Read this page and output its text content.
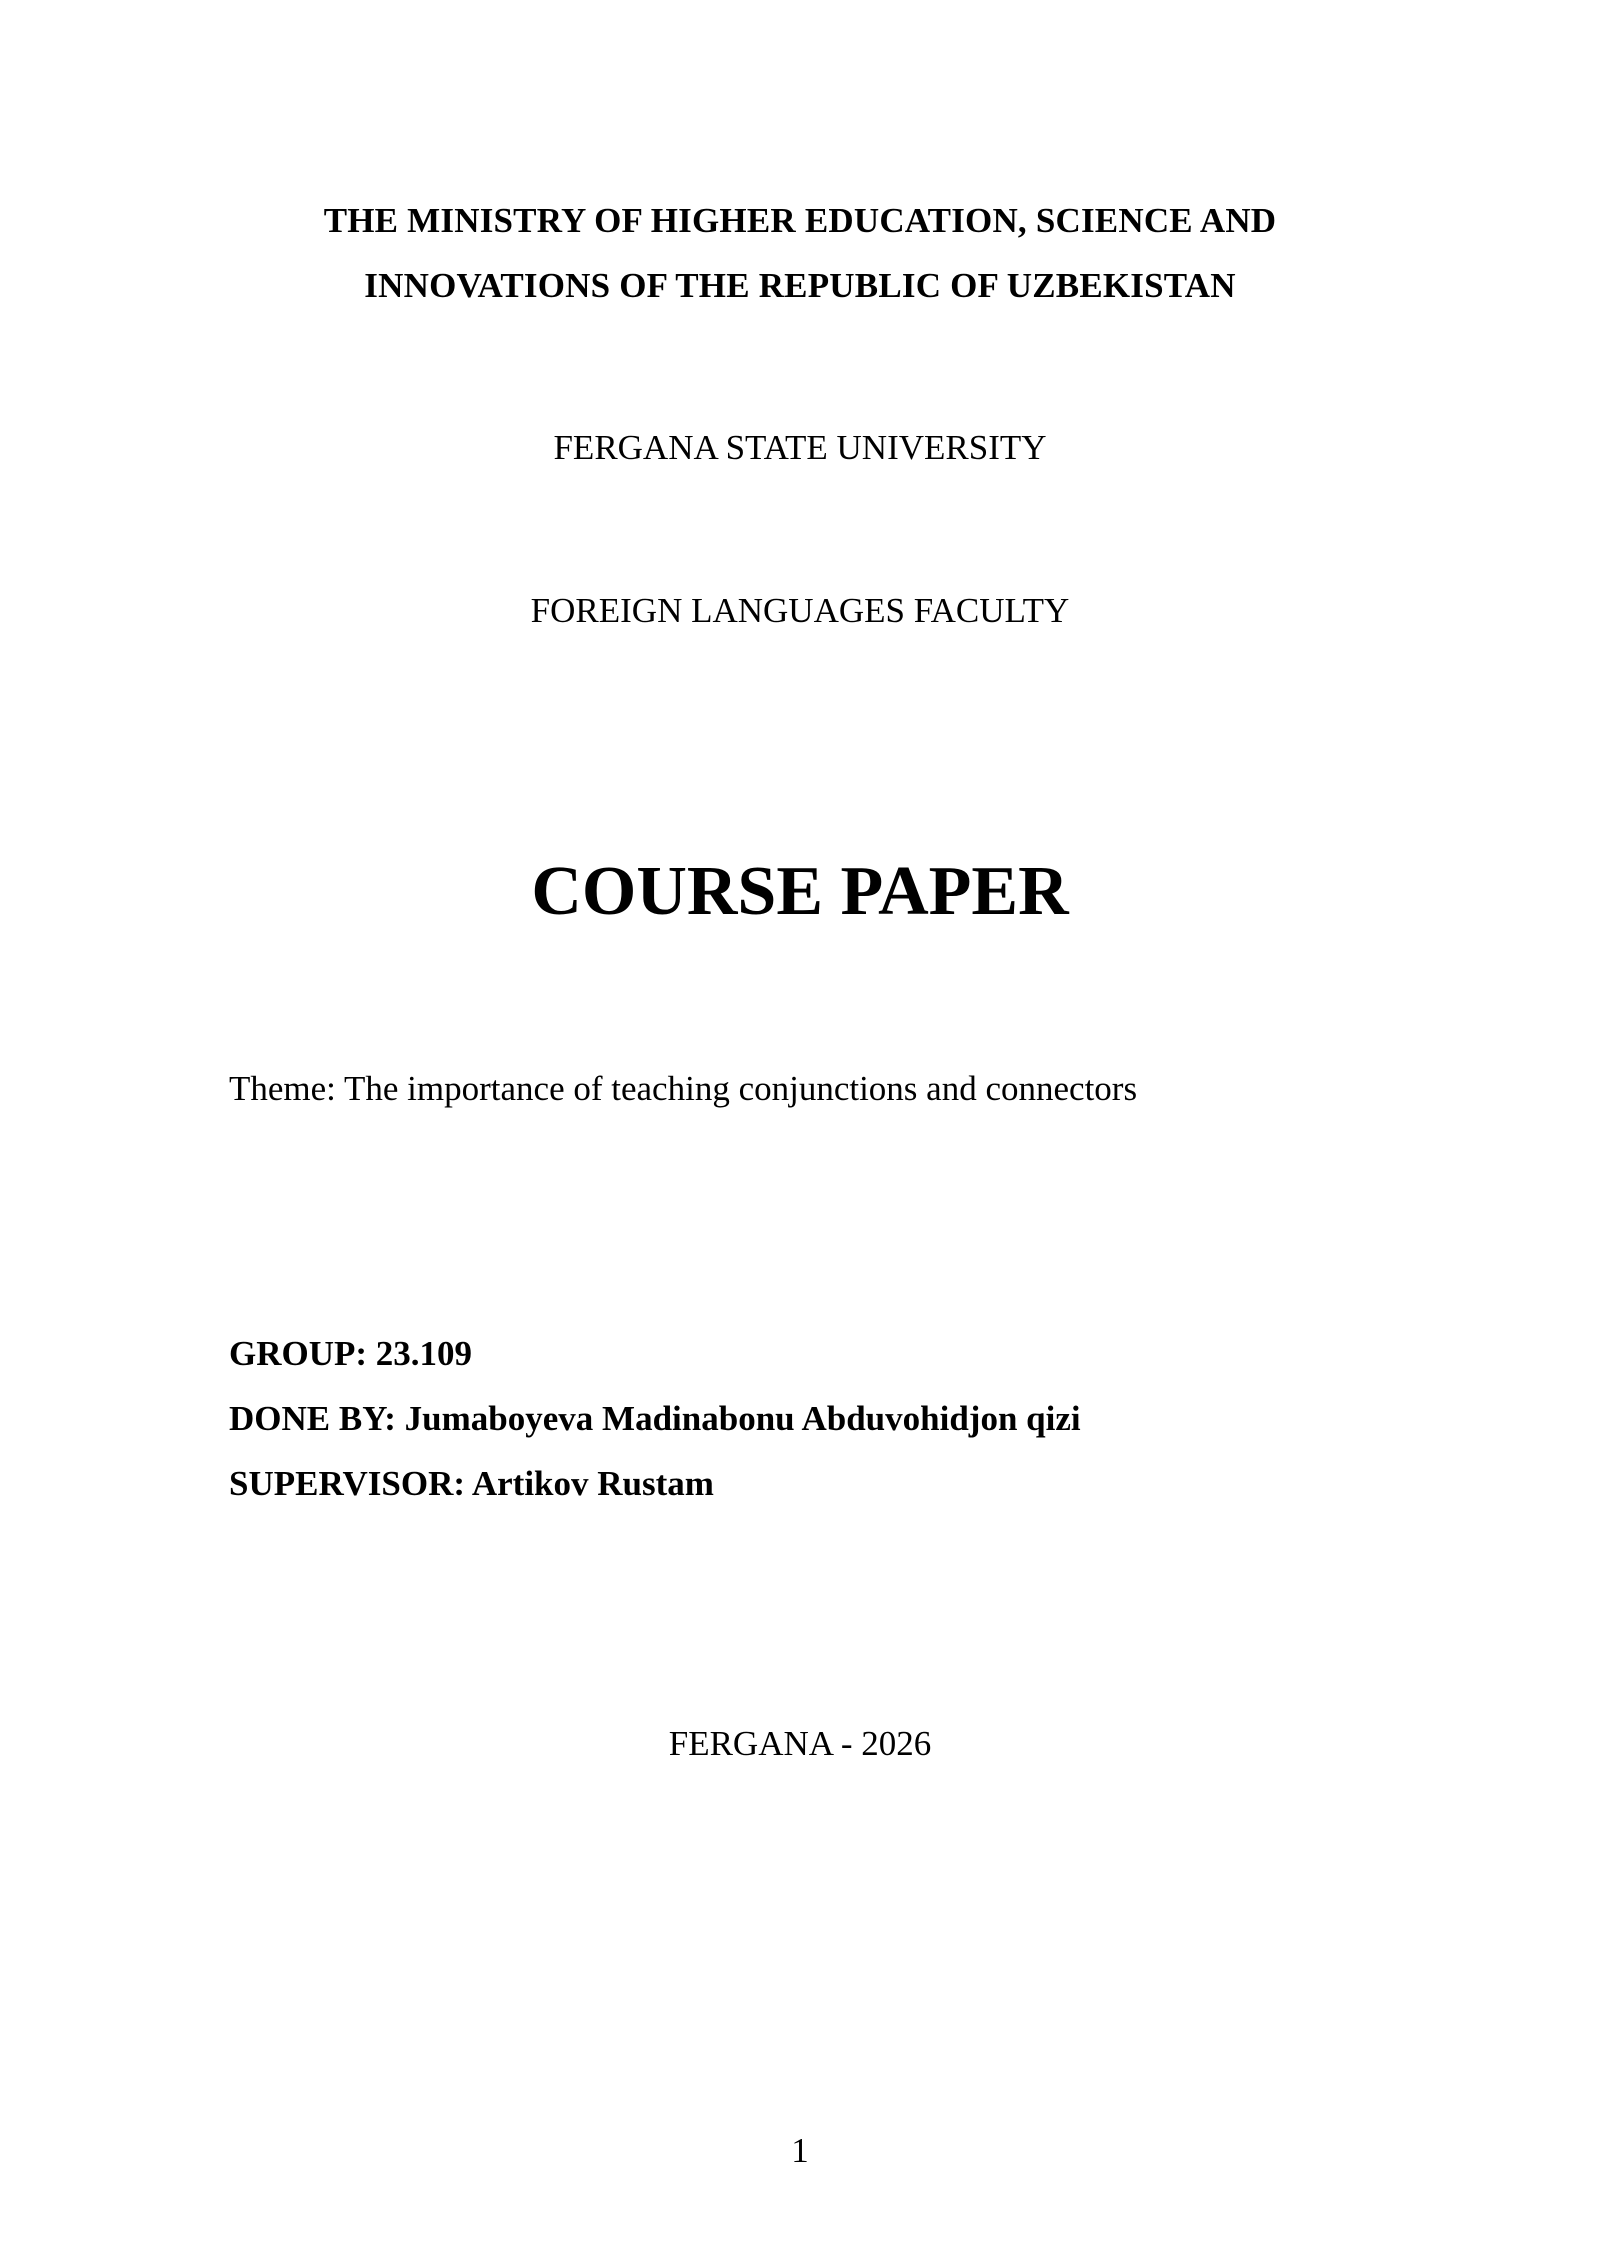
THE MINISTRY OF HIGHER EDUCATION, SCIENCE AND
INNOVATIONS OF THE REPUBLIC OF UZBEKISTAN
FERGANA STATE UNIVERSITY
FOREIGN LANGUAGES FACULTY
COURSE PAPER
Theme: The importance of teaching conjunctions and connectors
GROUP: 23.109
DONE BY: Jumaboyeva Madinabonu Abduvohidjon qizi
SUPERVISOR: Artikov Rustam
FERGANA - 2026
1
